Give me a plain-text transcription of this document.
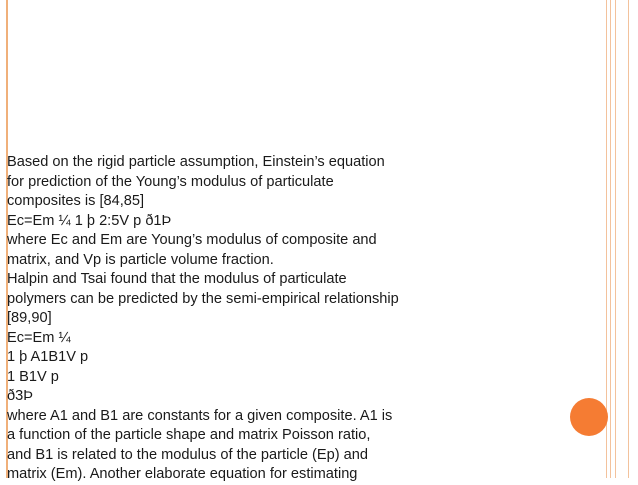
Based on the rigid particle assumption, Einstein’s equation
for prediction of the Young’s modulus of particulate
composites is [84,85]
Ec=Em ¼ 1 þ 2:5V p ð1Þ
where Ec and Em are Young’s modulus of composite and
matrix, and Vp is particle volume fraction.
Halpin and Tsai found that the modulus of particulate
polymers can be predicted by the semi-empirical relationship
[89,90]
Ec=Em ¼
1 þ A1B1V p
1 B1V p
ð3Þ
where A1 and B1 are constants for a given composite. A1 is
a function of the particle shape and matrix Poisson ratio,
and B1 is related to the modulus of the particle (Ep) and
matrix (Em). Another elaborate equation for estimating
